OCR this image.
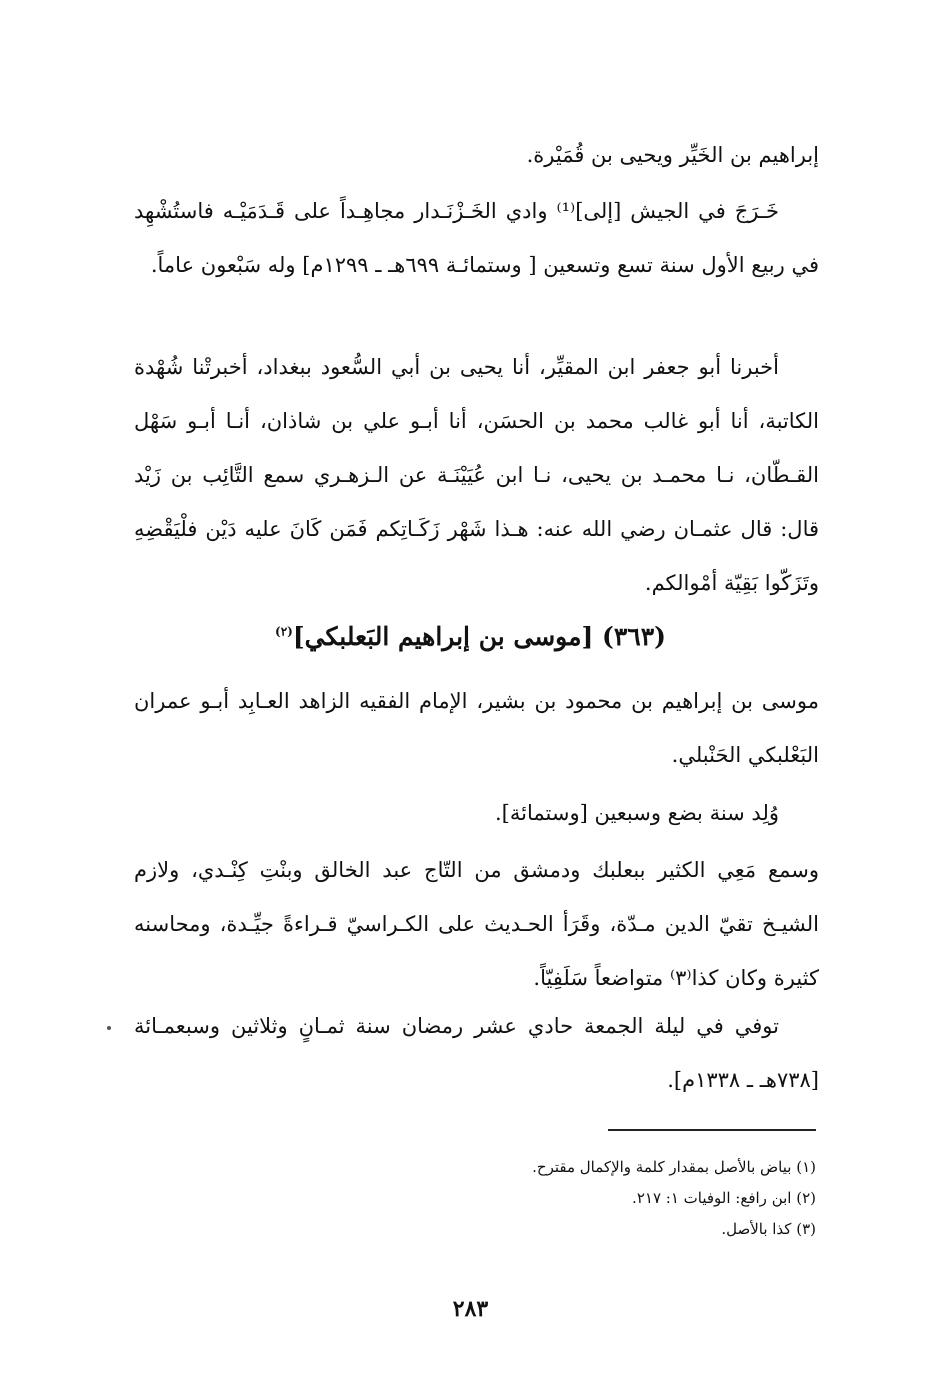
إبراهيم بن الخَيِّر ويحيى بن قُمَيْرة.
خَـرَجَ في الجيش [إلى]⁽¹⁾ وادي الخَـزْنَـدار مجاهِـداً على قَـدَمَيْـه فاستُشْهِد في ربيع الأول سنة تسع وتسعين [ وستمائـة ٦٩٩هـ ـ ١٢٩٩م] وله سَبْعون عاماً.
أخبرنا أبو جعفر ابن المقيِّر، أنا يحيى بن أبي السُّعود ببغداد، أخبرتْنا شُهْدة الكاتبة، أنا أبو غالب محمد بن الحسَن، أنا أبـو علي بن شاذان، أنـا أبـو سَهْل القـطّان، نـا محمـد بن يحيى، نـا ابن عُيَيْنَـة عن الـزهـري سمع التَّائِب بن زَيْد قال: قال عثمـان رضي الله عنه: هـذا شَهْر زَكَـاتِكم فَمَن كَانَ عليه دَيْن فلْيَقْضِهِ وتَزَكّوا بَقِيّة أمْوالكم.
(٣٦٣) [موسى بن إبراهيم البَعلبكي]$^{(٢)}$
موسى بن إبراهيم بن محمود بن بشير، الإمام الفقيه الزاهد العـابِد أبـو عمران البَعْلبكي الحَنْبلي.
وُلِد سنة بضع وسبعين [وستمائة].
وسمع مَعِي الكثير ببعلبك ودمشق من التّاج عبد الخالق وبنْتِ كِنْـدي، ولازم الشيـخ تقيّ الدين مـدّة، وقَرَأ الحـديث على الكـراسيّ قـراءةً جيِّـدة، ومحاسنه كثيرة وكان كذا⁽٣⁾ متواضعاً سَلَفِيّاً.
توفي في ليلة الجمعة حادي عشر رمضان سنة ثمـانٍ وثلاثين وسبعمـائة [٧٣٨هـ ـ ١٣٣٨م].
(١) بياض بالأصل بمقدار كلمة والإكمال مقترح.
(٢) ابن رافع: الوفيات ١: ٢١٧.
(٣) كذا بالأصل.
٢٨٣
